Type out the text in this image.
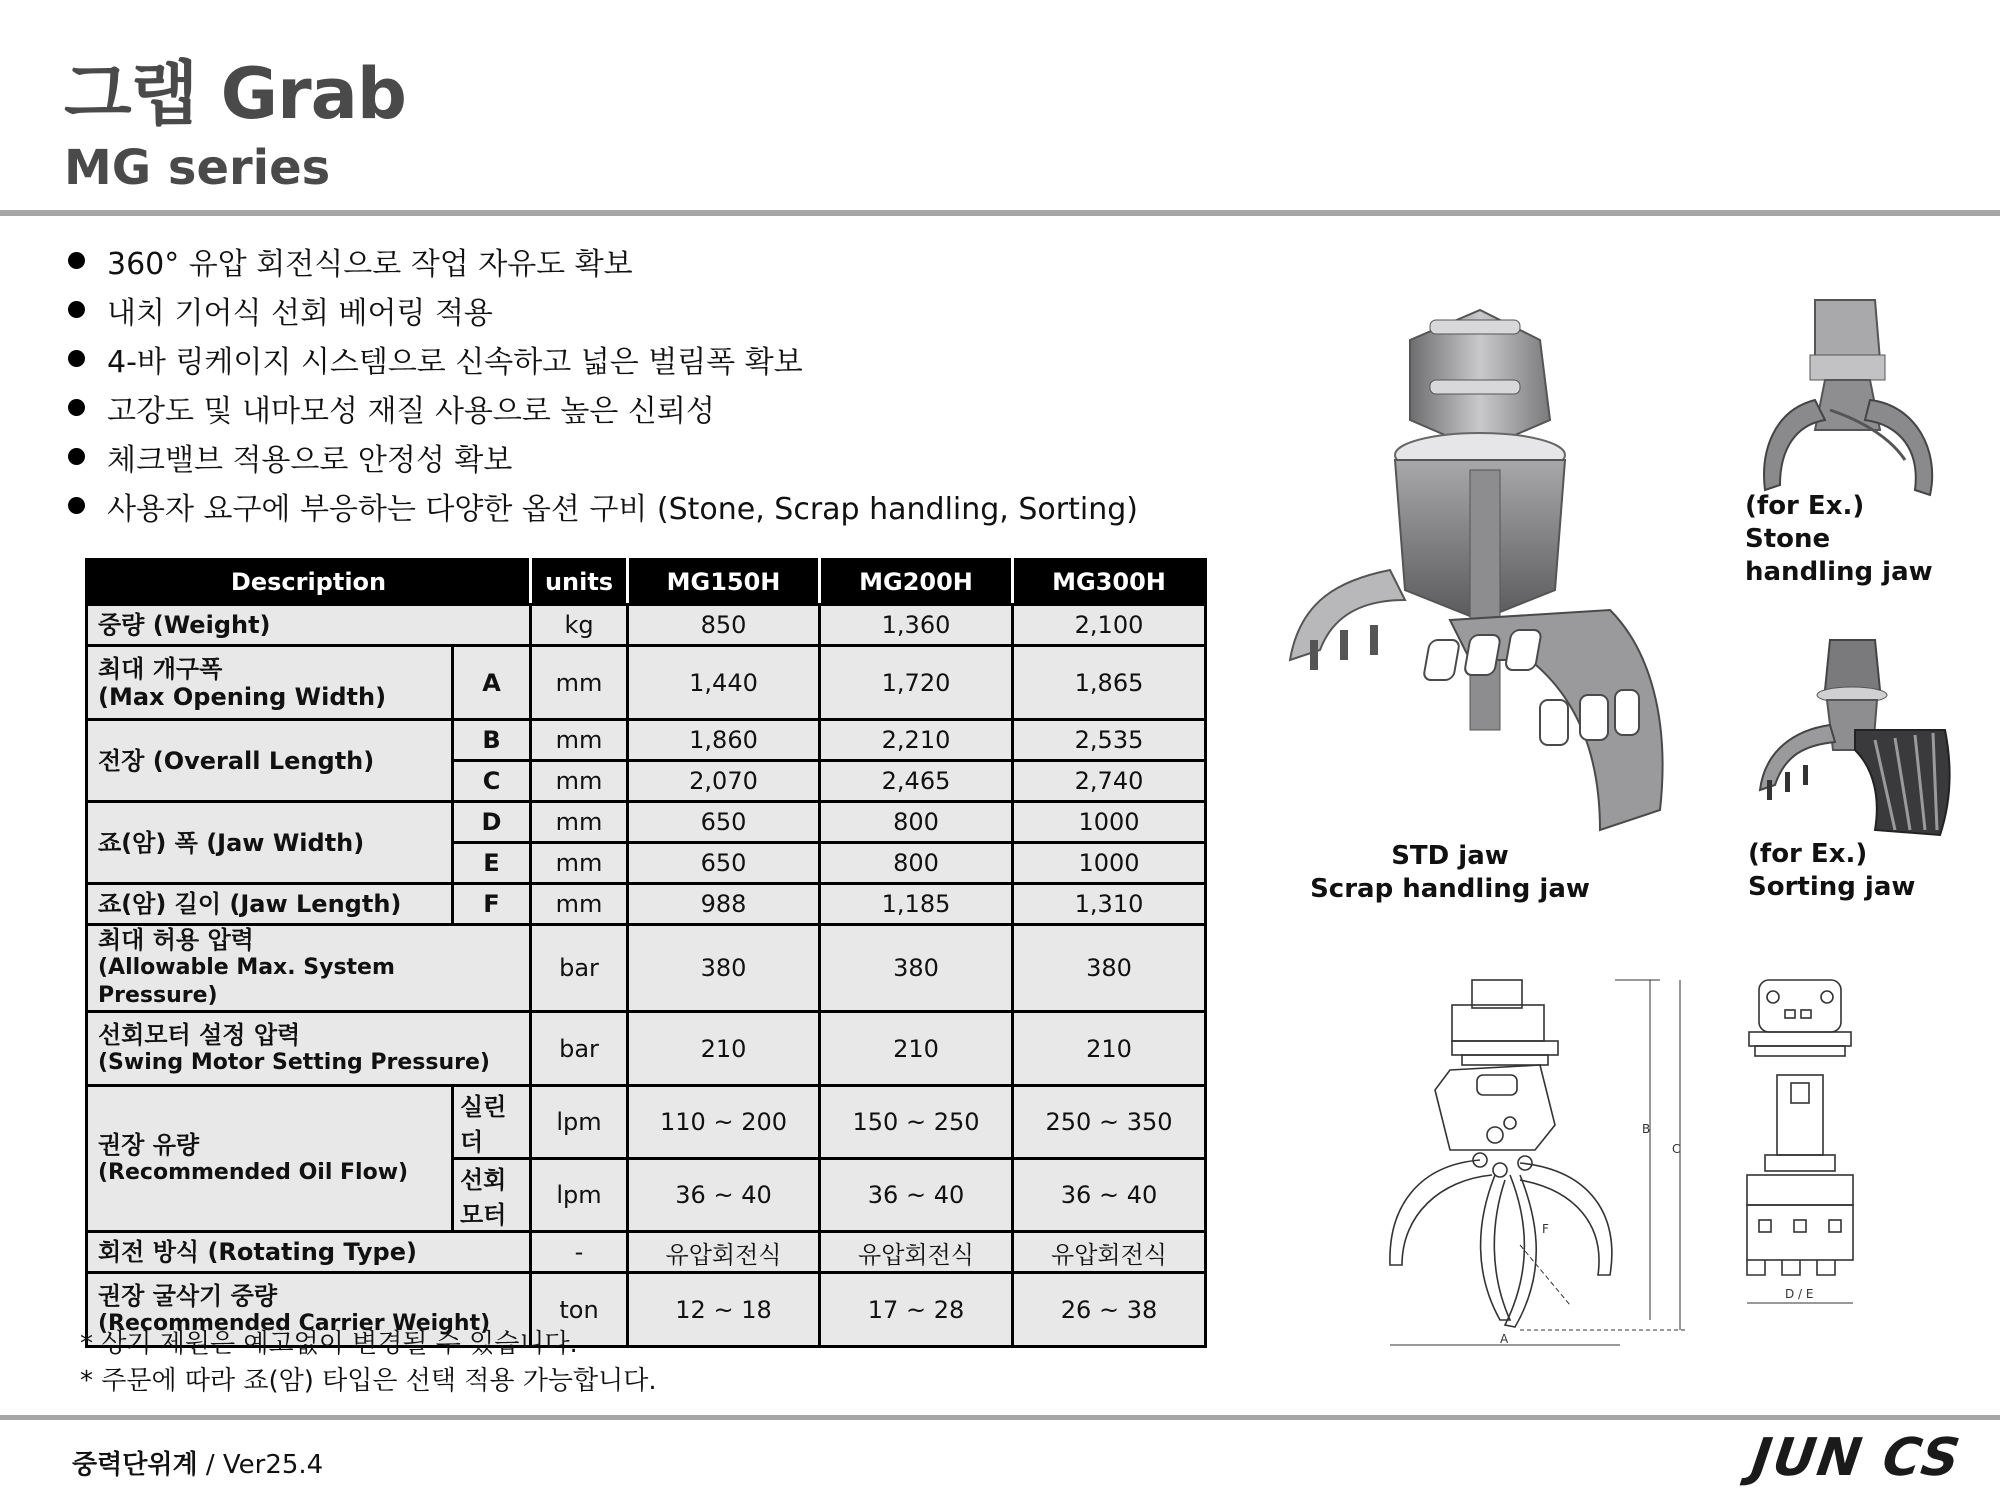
그랩 Grab
MG series
360° 유압 회전식으로 작업 자유도 확보
내치 기어식 선회 베어링 적용
4-바 링케이지 시스템으로 신속하고 넓은 벌림폭 확보
고강도 및 내마모성 재질 사용으로 높은 신뢰성
체크밸브 적용으로 안정성 확보
사용자 요구에 부응하는 다양한 옵션 구비 (Stone, Scrap handling, Sorting)
Description		units	MG150H	MG200H	MG300H
중량 (Weight)		kg	850	1,360	2,100

최대 개구폭
(Max Opening Width)	A	mm	1,440	1,720	1,865
전장 (Overall Length)	B	mm	1,860	2,210	2,535
	C	mm	2,070	2,465	2,740
죠(암) 폭 (Jaw Width)	D	mm	650	800	1000
	E	mm	650	800	1000
죠(암) 길이 (Jaw Length)	F	mm	988	1,185	1,310

최대 허용 압력
(Allowable Max. System Pressure)		bar	380	380	380

선회모터 설정 압력
(Swing Motor Setting Pressure)		bar	210	210	210

권장 유량
(Recommended Oil Flow)	실린더	lpm	110 ~ 200	150 ~ 250	250 ~ 350
	선회모터	lpm	36 ~ 40	36 ~ 40	36 ~ 40
회전 방식 (Rotating Type)		-	유압회전식	유압회전식	유압회전식

권장 굴삭기 중량
(Recommended Carrier Weight)		ton	12 ~ 18	17 ~ 28	26 ~ 38
* 상기 제원은 예고없이 변경될 수 있습니다.
* 주문에 따라 죠(암) 타입은 선택 적용 가능합니다.
STD jaw
Scrap handling jaw
(for Ex.)
Stone
handling jaw
(for Ex.)
Sorting jaw
A
B
C
F
D / E
중력단위계 / Ver25.4	JUN CS
